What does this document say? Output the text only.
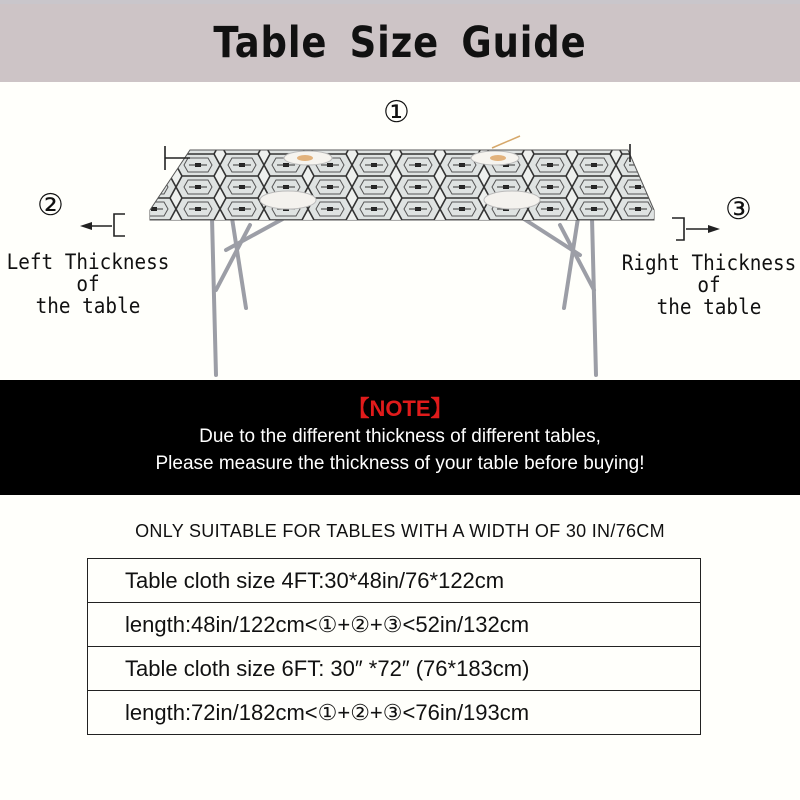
Table Size Guide
①
②	③
Left Thickness of
the table
Right Thickness of
the table
【NOTE】
Due to the different thickness of different tables,
Please measure the thickness of your table before buying!
ONLY SUITABLE FOR TABLES WITH A WIDTH OF 30 IN/76CM
Table cloth size 4FT:30*48in/76*122cm
length:48in/122cm<①+②+③<52in/132cm
Table cloth size 6FT: 30″ *72″ (76*183cm)
length:72in/182cm<①+②+③<76in/193cm
